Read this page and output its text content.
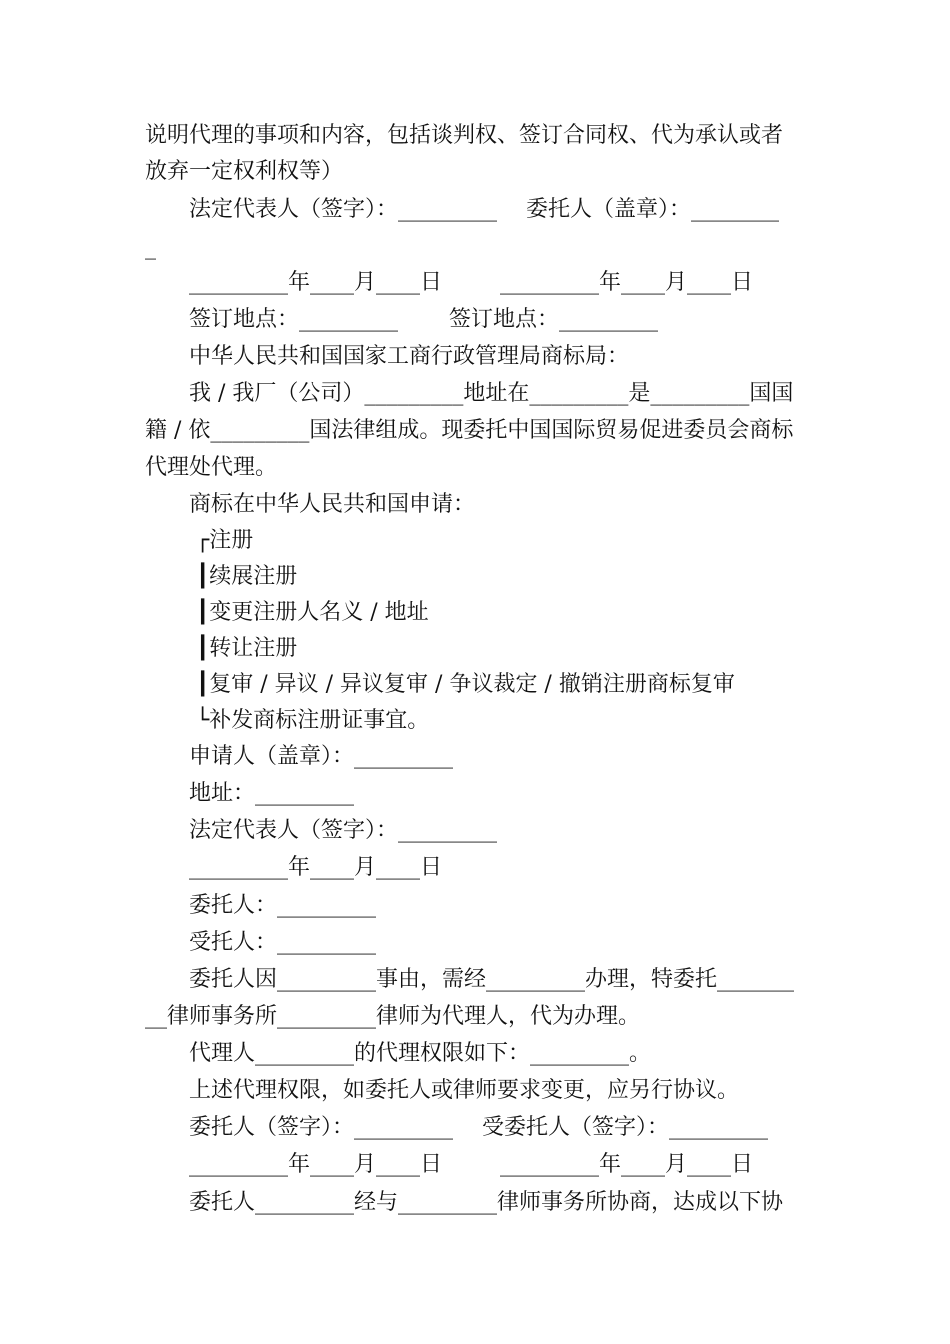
说明代理的事项和内容，包括谈判权、签订合同权、代为承认或者
放弃一定权利权等）
法定代表人（签字）：_________　 委托人（盖章）：________
_
_________年____月____日　 　 _________年____月____日
签订地点：_________　　 签订地点：_________
中华人民共和国国家工商行政管理局商标局：
我 / 我厂（公司）_________地址在_________是_________国国
籍 / 依_________国法律组成。现委托中国国际贸易促进委员会商标
代理处代理。
商标在中华人民共和国申请：
┌注册
┃续展注册
┃变更注册人名义 / 地址
┃转让注册
┃复审 / 异议 / 异议复审 / 争议裁定 / 撤销注册商标复审
└补发商标注册证事宜。
申请人（盖章）：_________
地址：_________
法定代表人（签字）：_________
_________年____月____日
委托人：_________
受托人：_________
委托人因_________事由，需经_________办理，特委托_______
__律师事务所_________律师为代理人，代为办理。
代理人_________的代理权限如下：_________。
上述代理权限，如委托人或律师要求变更，应另行协议。
委托人（签字）：_________　 受委托人（签字）：_________
_________年____月____日　 　 _________年____月____日
委托人_________经与_________律师事务所协商，达成以下协
